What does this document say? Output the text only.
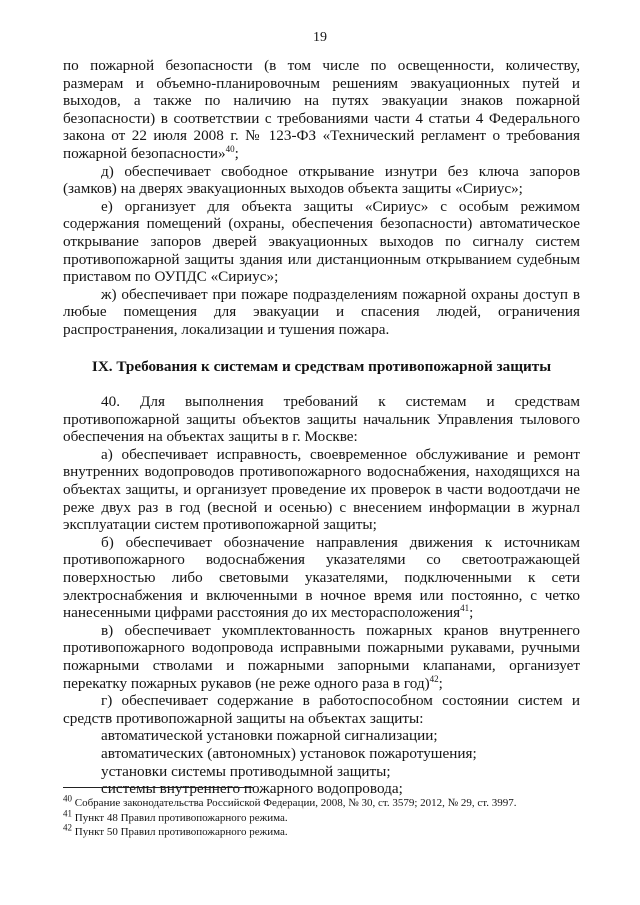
19

по пожарной безопасности (в том числе по освещенности, количеству, размерам и объемно-планировочным решениям эвакуационных путей и выходов, а также по наличию на путях эвакуации знаков пожарной безопасности) в соответствии с требованиями части 4 статьи 4 Федерального закона от 22 июля 2008 г. № 123-ФЗ «Технический регламент о требования пожарной безопасности»$^{40}$;

д) обеспечивает свободное открывание изнутри без ключа запоров (замков) на дверях эвакуационных выходов объекта защиты «Сириус»;

е) организует для объекта защиты «Сириус» с особым режимом содержания помещений (охраны, обеспечения безопасности) автоматическое открывание запоров дверей эвакуационных выходов по сигналу систем противопожарной защиты здания или дистанционным открыванием судебным приставом по ОУПДС «Сириус»;

ж) обеспечивает при пожаре подразделениям пожарной охраны доступ в любые помещения для эвакуации и спасения людей, ограничения распространения, локализации и тушения пожара.

IX. Требования к системам и средствам противопожарной защиты

40. Для выполнения требований к системам и средствам противопожарной защиты объектов защиты начальник Управления тылового обеспечения на объектах защиты в г. Москве:

а) обеспечивает исправность, своевременное обслуживание и ремонт внутренних водопроводов противопожарного водоснабжения, находящихся на объектах защиты, и организует проведение их проверок в части водоотдачи не реже двух раз в год (весной и осенью) с внесением информации в журнал эксплуатации систем противопожарной защиты;

б) обеспечивает обозначение направления движения к источникам противопожарного водоснабжения указателями со светоотражающей поверхностью либо световыми указателями, подключенными к сети электроснабжения и включенными в ночное время или постоянно, с четко нанесенными цифрами расстояния до их месторасположения$^{41}$;

в) обеспечивает укомплектованность пожарных кранов внутреннего противопожарного водопровода исправными пожарными рукавами, ручными пожарными стволами и пожарными запорными клапанами, организует перекатку пожарных рукавов (не реже одного раза в год)$^{42}$;

г) обеспечивает содержание в работоспособном состоянии систем и средств противопожарной защиты на объектах защиты:

автоматической установки пожарной сигнализации;

автоматических (автономных) установок пожаротушения;

установки системы противодымной защиты;

системы внутреннего пожарного водопровода;

$^{40}$ Собрание законодательства Российской Федерации, 2008, № 30, ст. 3579; 2012, № 29, ст. 3997.

$^{41}$ Пункт 48 Правил противопожарного режима.

$^{42}$ Пункт 50 Правил противопожарного режима.
